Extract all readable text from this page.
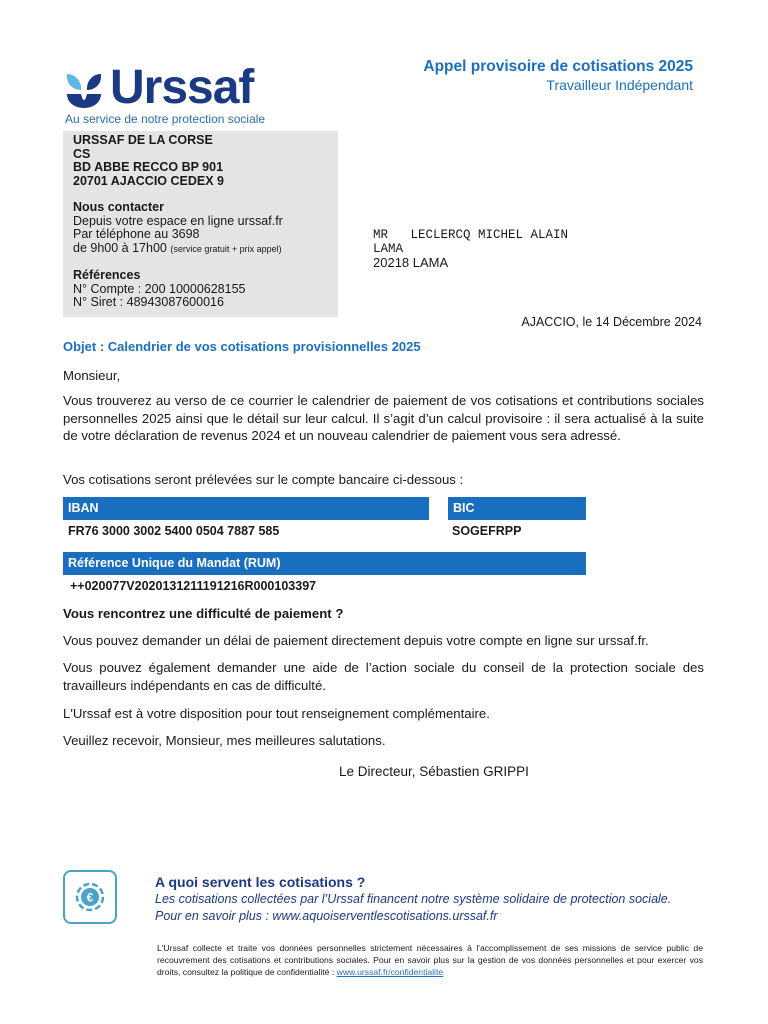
Urssaf
Au service de notre protection sociale
Appel provisoire de cotisations 2025
Travailleur Indépendant
URSSAF DE LA CORSE
CS
BD ABBE RECCO BP 901
20701 AJACCIO CEDEX 9
Nous contacter
Depuis votre espace en ligne urssaf.fr
Par téléphone au 3698
de 9h00 à 17h00 (service gratuit + prix appel)
Références
N° Compte : 200 10000628155
N° Siret : 48943087600016
MR   LECLERCQ MICHEL ALAIN
LAMA
20218 LAMA
AJACCIO, le 14 Décembre 2024
Objet : Calendrier de vos cotisations provisionnelles 2025
Monsieur,
Vous trouverez au verso de ce courrier le calendrier de paiement de vos cotisations et contributions sociales personnelles 2025 ainsi que le détail sur leur calcul. Il s’agit d’un calcul provisoire : il sera actualisé à la suite de votre déclaration de revenus 2024 et un nouveau calendrier de paiement vous sera adressé.
Vos cotisations seront prélevées sur le compte bancaire ci-dessous :
IBAN	BIC
FR76 3000 3002 5400 0504 7887 585	SOGEFRPP
Référence Unique du Mandat (RUM)
++020077V2020131211191216R000103397
Vous rencontrez une difficulté de paiement ?
Vous pouvez demander un délai de paiement directement depuis votre compte en ligne sur urssaf.fr.
Vous pouvez également demander une aide de l’action sociale du conseil de la protection sociale des travailleurs indépendants en cas de difficulté.
L'Urssaf est à votre disposition pour tout renseignement complémentaire.
Veuillez recevoir, Monsieur, mes meilleures salutations.
Le Directeur, Sébastien GRIPPI
€
A quoi servent les cotisations ?
Les cotisations collectées par l’Urssaf financent notre système solidaire de protection sociale.
Pour en savoir plus : www.aquoiserventlescotisations.urssaf.fr
L'Urssaf collecte et traite vos données personnelles strictement nécessaires à l'accomplissement de ses missions de service public de recouvrement des cotisations et contributions sociales. Pour en savoir plus sur la gestion de vos données personnelles et pour exercer vos droits, consultez la politique de confidentialité : www.urssaf.fr/confidentialite
